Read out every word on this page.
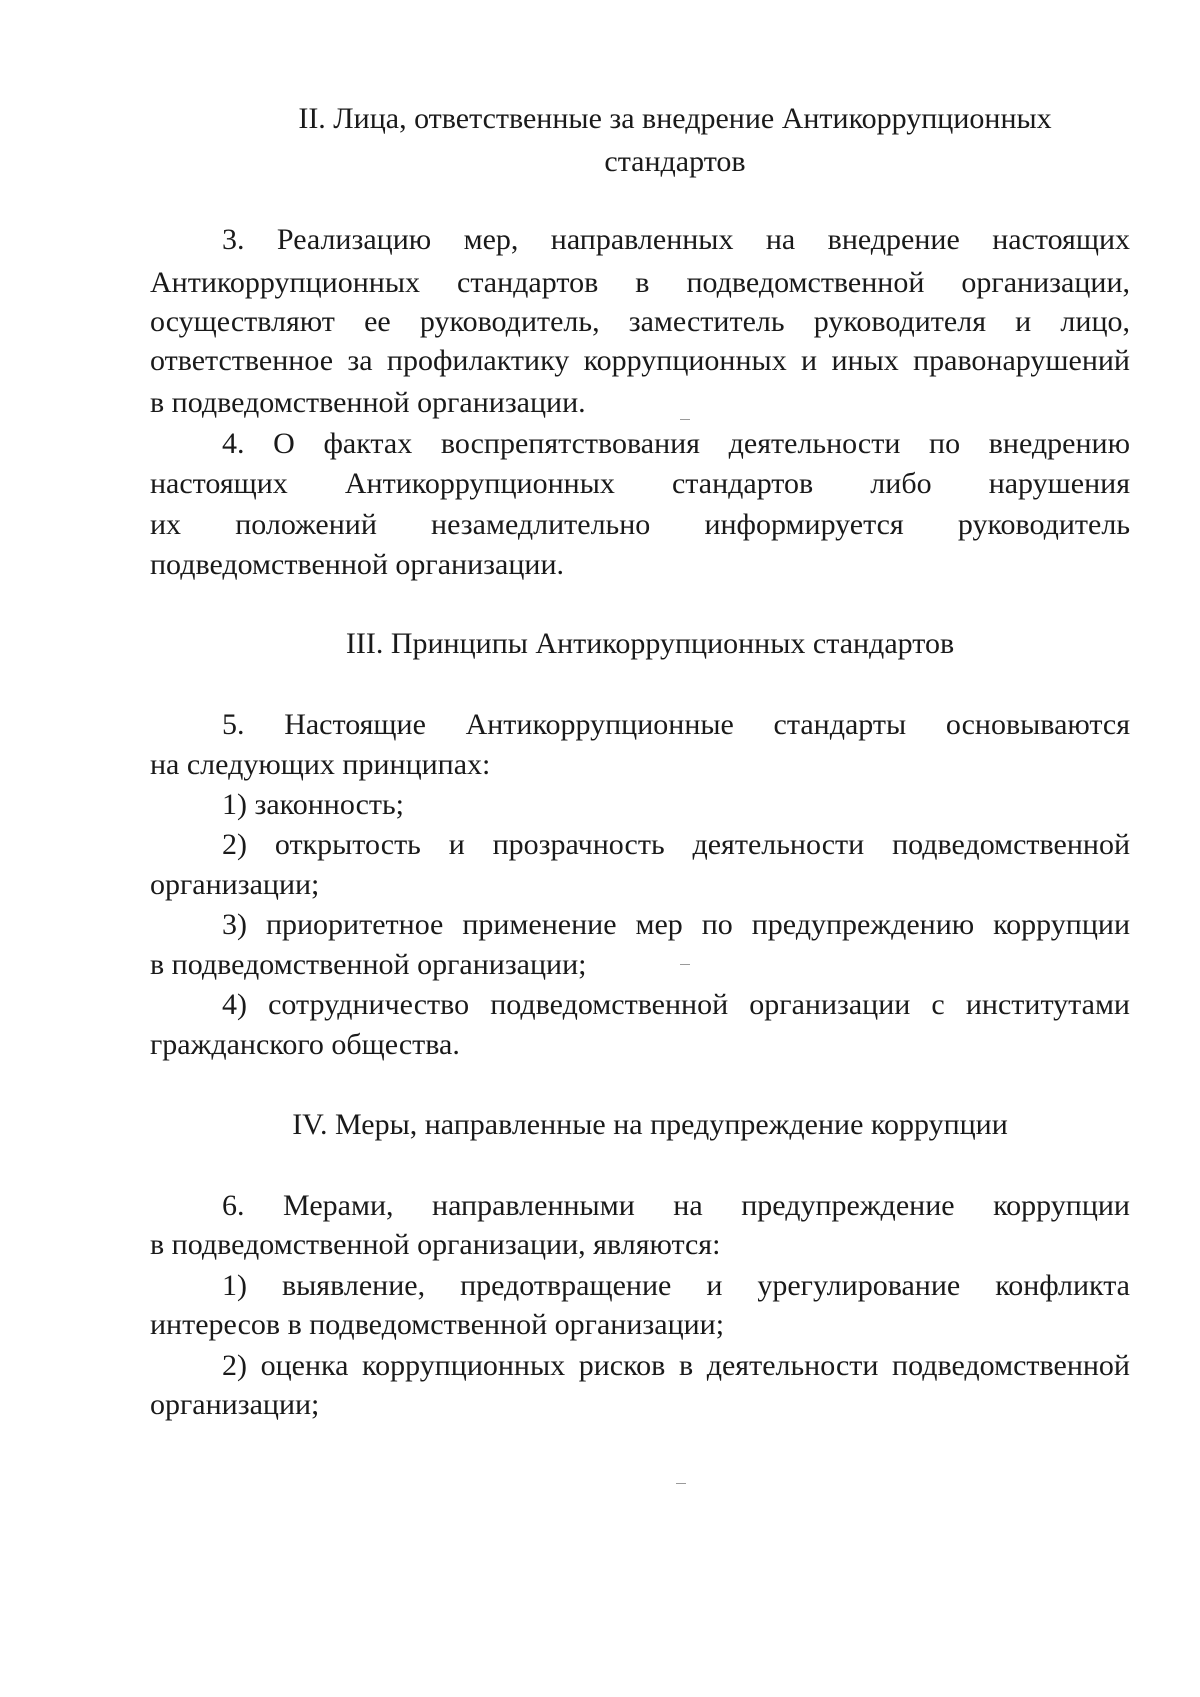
II. Лица, ответственные за внедрение Антикоррупционных
стандартов
3. Реализацию мер, направленных на внедрение настоящих
Антикоррупционных стандартов в подведомственной организации,
осуществляют ее руководитель, заместитель руководителя и лицо,
ответственное за профилактику коррупционных и иных правонарушений
в подведомственной организации.
4. О фактах воспрепятствования деятельности по внедрению
настоящих Антикоррупционных стандартов либо нарушения
их положений незамедлительно информируется руководитель
подведомственной организации.
III. Принципы Антикоррупционных стандартов
5. Настоящие Антикоррупционные стандарты основываются
на следующих принципах:
1) законность;
2) открытость и прозрачность деятельности подведомственной
организации;
3) приоритетное применение мер по предупреждению коррупции
в подведомственной организации;
4) сотрудничество подведомственной организации с институтами
гражданского общества.
IV. Меры, направленные на предупреждение коррупции
6. Мерами, направленными на предупреждение коррупции
в подведомственной организации, являются:
1) выявление, предотвращение и урегулирование конфликта
интересов в подведомственной организации;
2) оценка коррупционных рисков в деятельности подведомственной
организации;
